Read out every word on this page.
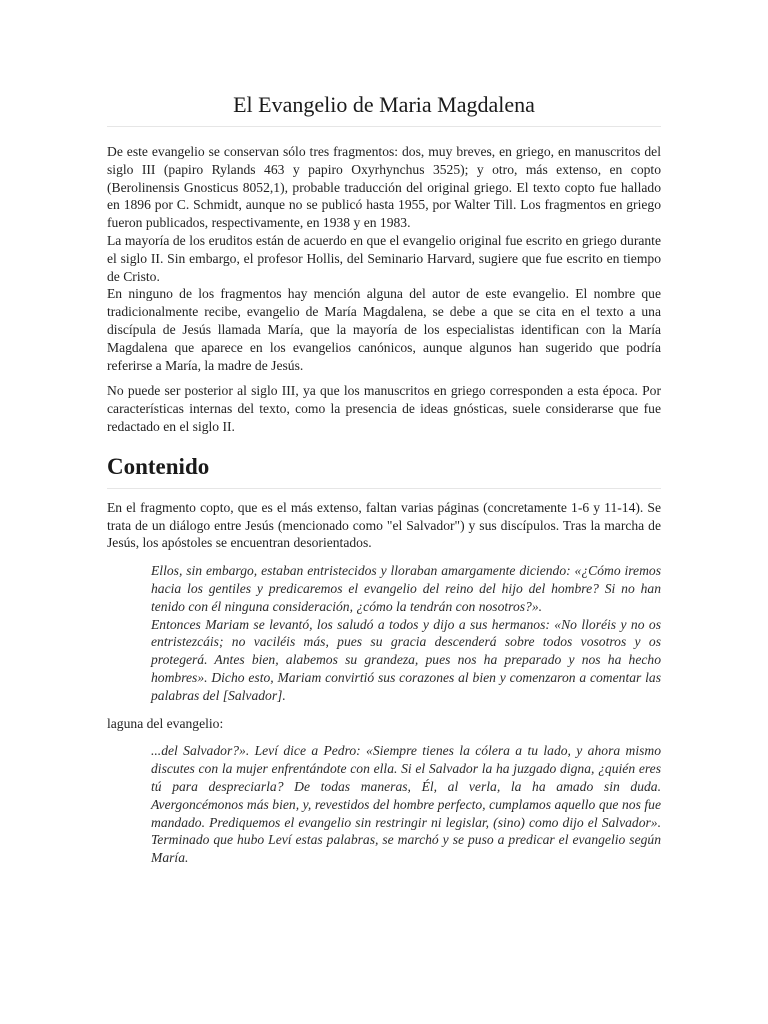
El Evangelio de Maria Magdalena

De este evangelio se conservan sólo tres fragmentos: dos, muy breves, en griego, en manuscritos del siglo III (papiro Rylands 463 y papiro Oxyrhynchus 3525); y otro, más extenso, en copto (Berolinensis Gnosticus 8052,1), probable traducción del original griego. El texto copto fue hallado en 1896 por C. Schmidt, aunque no se publicó hasta 1955, por Walter Till. Los fragmentos en griego fueron publicados, respectivamente, en 1938 y en 1983.

La mayoría de los eruditos están de acuerdo en que el evangelio original fue escrito en griego durante el siglo II. Sin embargo, el profesor Hollis, del Seminario Harvard, sugiere que fue escrito en tiempo de Cristo.

En ninguno de los fragmentos hay mención alguna del autor de este evangelio. El nombre que tradicionalmente recibe, evangelio de María Magdalena, se debe a que se cita en el texto a una discípula de Jesús llamada María, que la mayoría de los especialistas identifican con la María Magdalena que aparece en los evangelios canónicos, aunque algunos han sugerido que podría referirse a María, la madre de Jesús.

No puede ser posterior al siglo III, ya que los manuscritos en griego corresponden a esta época. Por características internas del texto, como la presencia de ideas gnósticas, suele considerarse que fue redactado en el siglo II.

Contenido

En el fragmento copto, que es el más extenso, faltan varias páginas (concretamente 1-6 y 11-14). Se trata de un diálogo entre Jesús (mencionado como "el Salvador") y sus discípulos. Tras la marcha de Jesús, los apóstoles se encuentran desorientados.

Ellos, sin embargo, estaban entristecidos y lloraban amargamente diciendo: «¿Cómo iremos hacia los gentiles y predicaremos el evangelio del reino del hijo del hombre? Si no han tenido con él ninguna consideración, ¿cómo la tendrán con nosotros?».

Entonces Mariam se levantó, los saludó a todos y dijo a sus hermanos: «No lloréis y no os entristezcáis; no vaciléis más, pues su gracia descenderá sobre todos vosotros y os protegerá. Antes bien, alabemos su grandeza, pues nos ha preparado y nos ha hecho hombres». Dicho esto, Mariam convirtió sus corazones al bien y comenzaron a comentar las palabras del [Salvador].

laguna del evangelio:

...del Salvador?». Leví dice a Pedro: «Siempre tienes la cólera a tu lado, y ahora mismo discutes con la mujer enfrentándote con ella. Si el Salvador la ha juzgado digna, ¿quién eres tú para despreciarla? De todas maneras, Él, al verla, la ha amado sin duda. Avergoncémonos más bien, y, revestidos del hombre perfecto, cumplamos aquello que nos fue mandado. Prediquemos el evangelio sin restringir ni legislar, (sino) como dijo el Salvador». Terminado que hubo Leví estas palabras, se marchó y se puso a predicar el evangelio según María.
